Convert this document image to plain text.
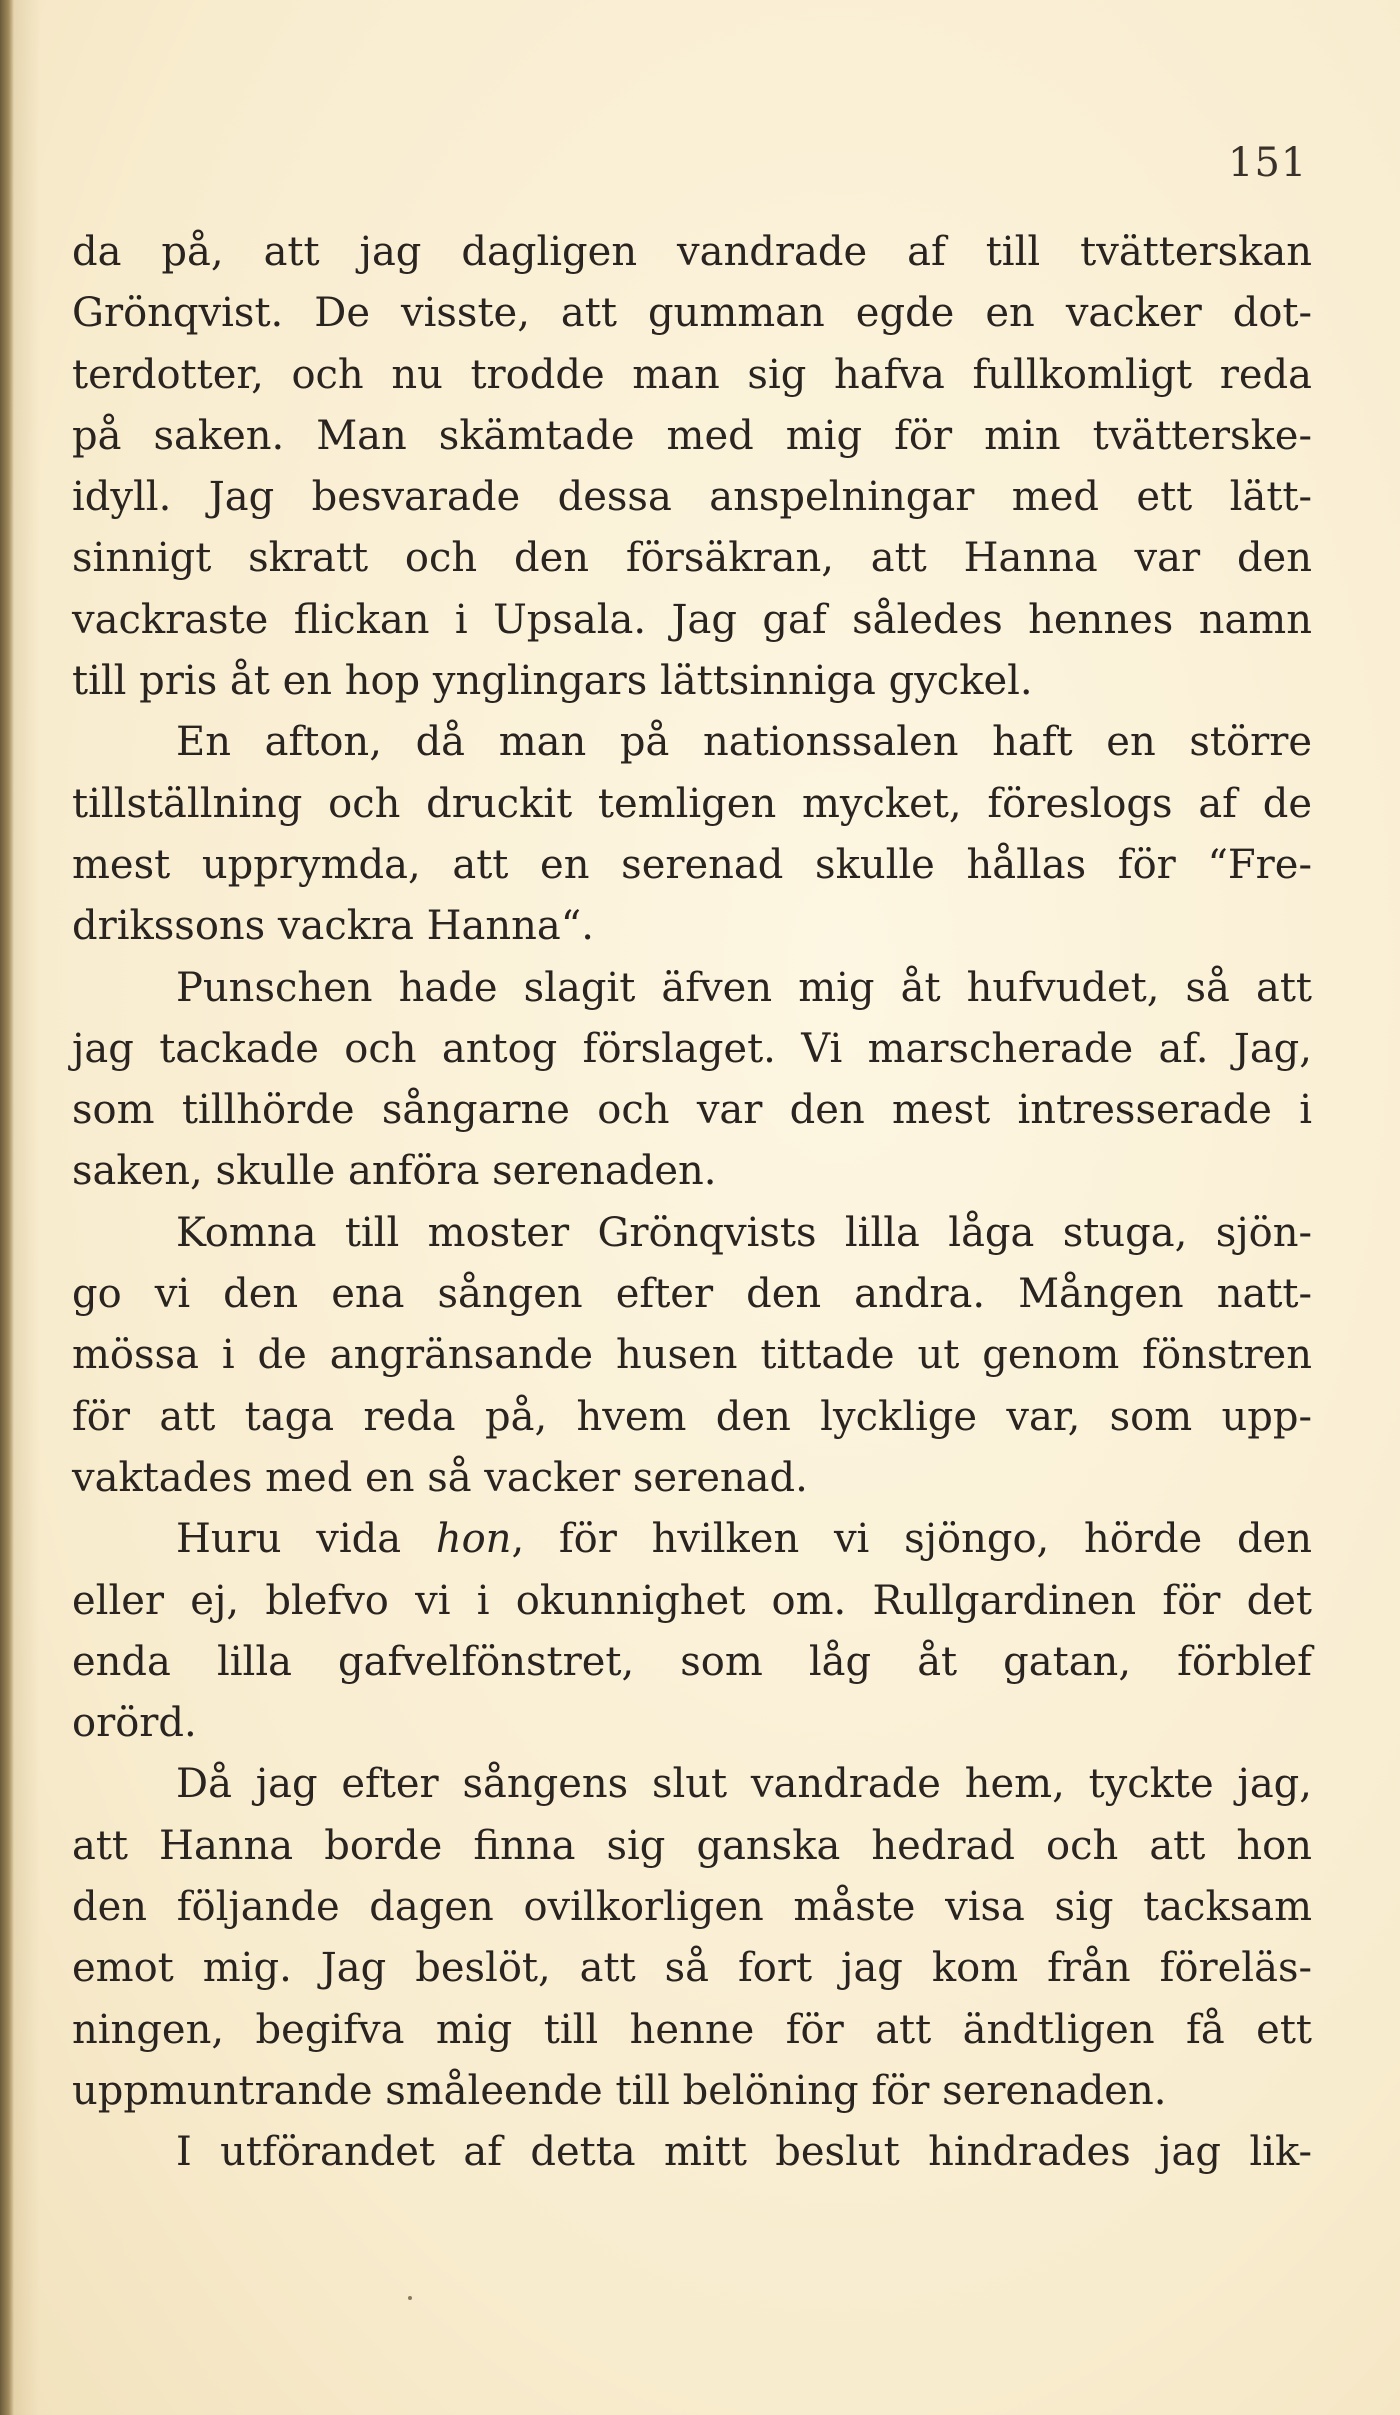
151
da på, att jag dagligen vandrade af till tvätterskan
Grönqvist. De visste, att gumman egde en vacker dot-
terdotter, och nu trodde man sig hafva fullkomligt reda
på saken. Man skämtade med mig för min tvätterske-
idyll. Jag besvarade dessa anspelningar med ett lätt-
sinnigt skratt och den försäkran, att Hanna var den
vackraste flickan i Upsala. Jag gaf således hennes namn
till pris åt en hop ynglingars lättsinniga gyckel.
En afton, då man på nationssalen haft en större
tillställning och druckit temligen mycket, föreslogs af de
mest upprymda, att en serenad skulle hållas för “Fre-
drikssons vackra Hanna“.
Punschen hade slagit äfven mig åt hufvudet, så att
jag tackade och antog förslaget. Vi marscherade af. Jag,
som tillhörde sångarne och var den mest intresserade i
saken, skulle anföra serenaden.
Komna till moster Grönqvists lilla låga stuga, sjön-
go vi den ena sången efter den andra. Mången natt-
mössa i de angränsande husen tittade ut genom fönstren
för att taga reda på, hvem den lycklige var, som upp-
vaktades med en så vacker serenad.
Huru vida hon, för hvilken vi sjöngo, hörde den
eller ej, blefvo vi i okunnighet om. Rullgardinen för det
enda lilla gafvelfönstret, som låg åt gatan, förblef
orörd.
Då jag efter sångens slut vandrade hem, tyckte jag,
att Hanna borde finna sig ganska hedrad och att hon
den följande dagen ovilkorligen måste visa sig tacksam
emot mig. Jag beslöt, att så fort jag kom från föreläs-
ningen, begifva mig till henne för att ändtligen få ett
uppmuntrande småleende till belöning för serenaden.
I utförandet af detta mitt beslut hindrades jag lik-
